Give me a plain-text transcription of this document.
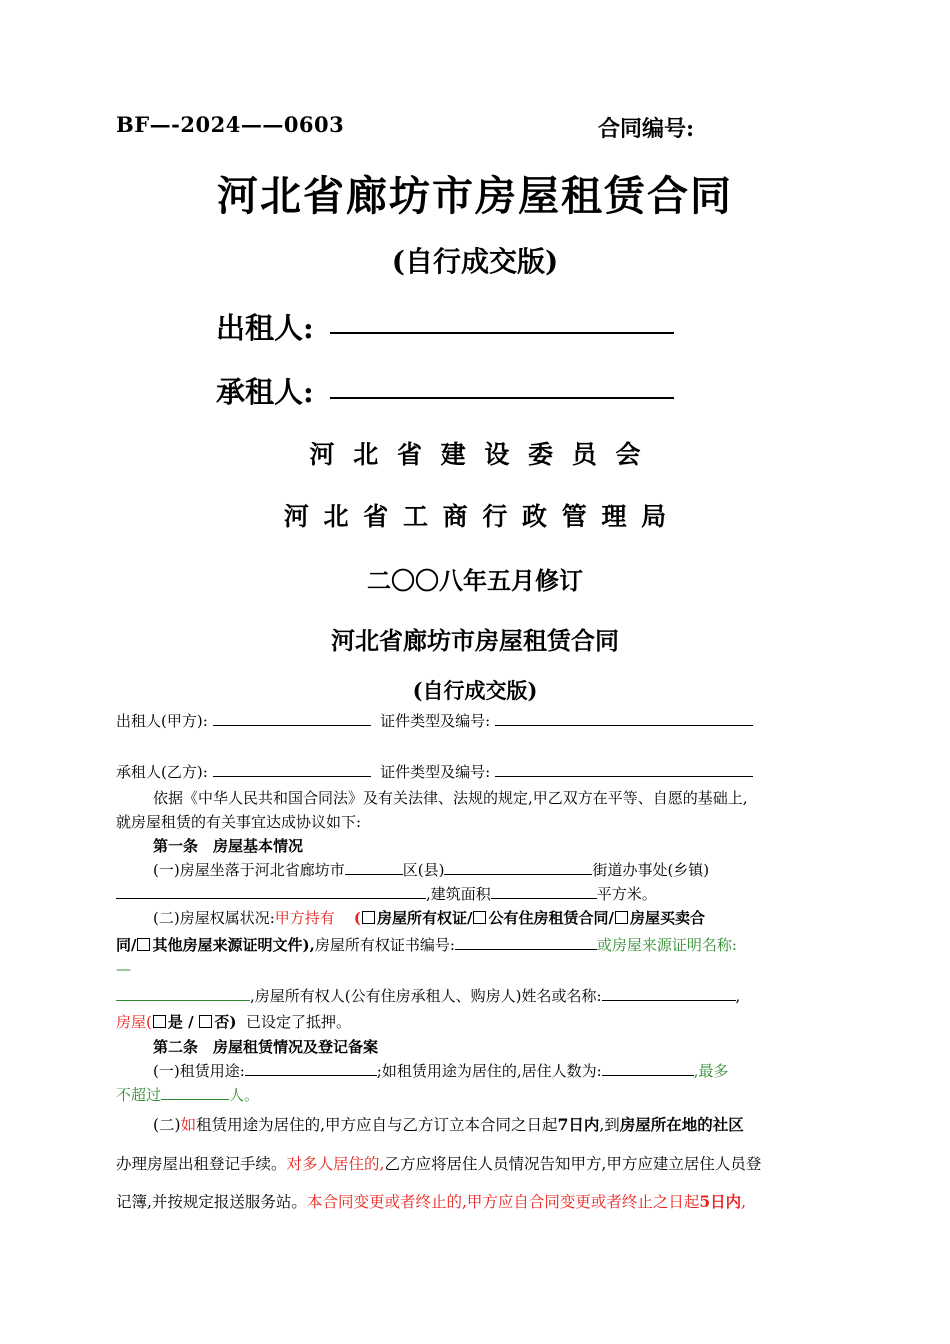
BF—-2024——0603	合同编号:
河北省廊坊市房屋租赁合同
(自行成交版)
出租人:
承租人:
河 北 省 建 设 委 员 会
河 北 省 工 商 行 政 管 理 局
二〇〇八年五月修订
河北省廊坊市房屋租赁合同
(自行成交版)
出租人(甲方):	证件类型及编号:
承租人(乙方):	证件类型及编号:
依据《中华人民共和国合同法》及有关法律、法规的规定,甲乙双方在平等、自愿的基础上,
就房屋租赁的有关事宜达成协议如下:
第一条　房屋基本情况
(一)房屋坐落于河北省廊坊市	区(县)	街道办事处(乡镇)
,建筑面积	平方米。
(二)房屋权属状况:甲方持有 ( 房屋所有权证/ 公有住房租赁合同/ 房屋买卖合
同/ 其他房屋来源证明文件),房屋所有权证书编号:	或房屋来源证明名称:
—
,房屋所有权人(公有住房承租人、购房人)姓名或名称:	,
房屋( 是 / 否) 已设定了抵押。
第二条　房屋租赁情况及登记备案
(一)租赁用途:	;如租赁用途为居住的,居住人数为:	,最多
不超过	人。
(二)如租赁用途为居住的,甲方应自与乙方订立本合同之日起7日内,到房屋所在地的社区
办理房屋出租登记手续。对多人居住的,乙方应将居住人员情况告知甲方,甲方应建立居住人员登
记簿,并按规定报送服务站。本合同变更或者终止的,甲方应自合同变更或者终止之日起5日内,
